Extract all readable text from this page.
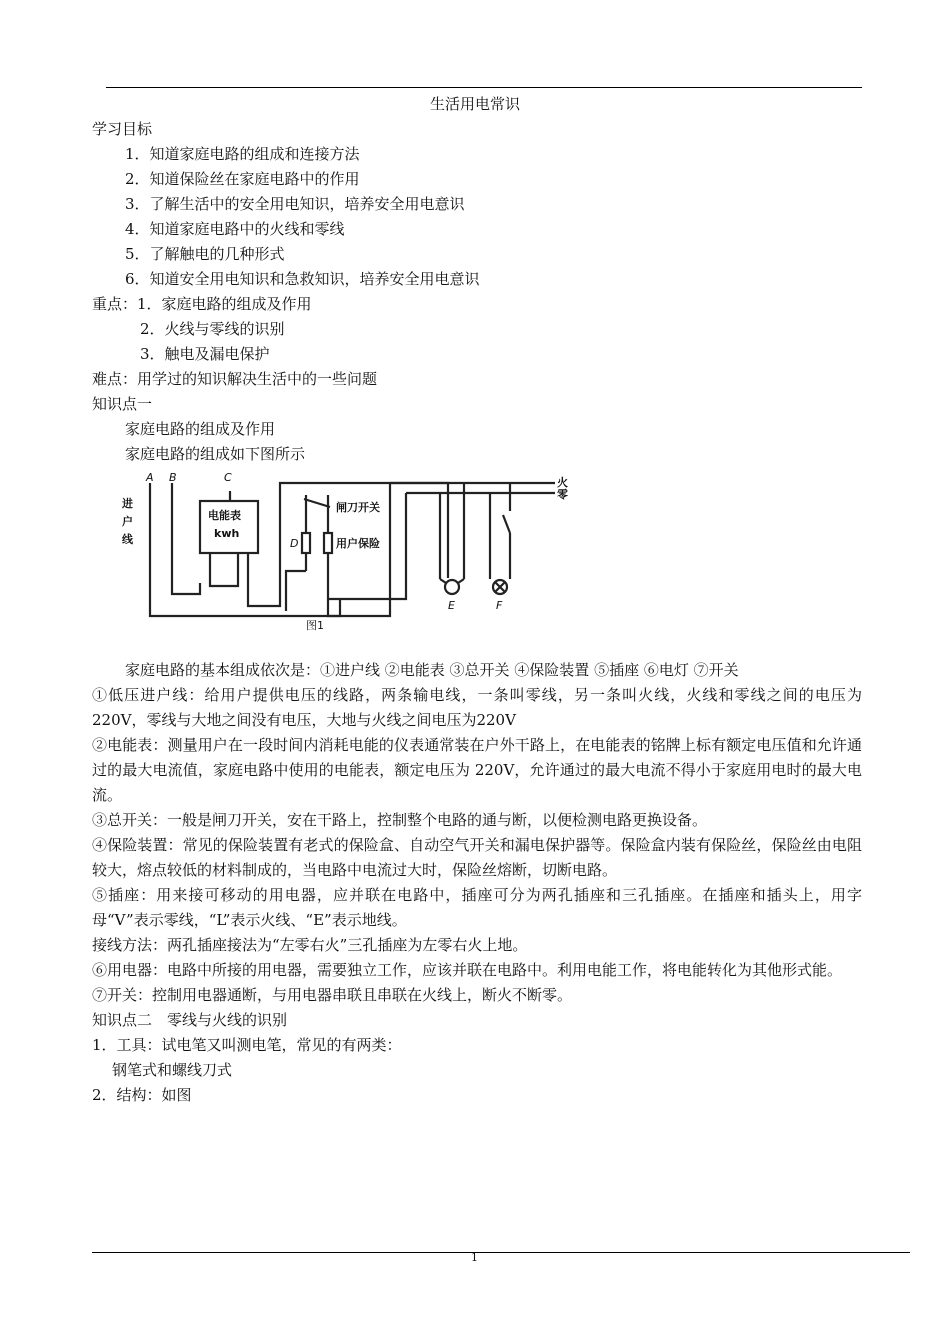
生活用电常识
学习目标
1．知道家庭电路的组成和连接方法
2．知道保险丝在家庭电路中的作用
3．了解生活中的安全用电知识，培养安全用电意识
4．知道家庭电路中的火线和零线
5．了解触电的几种形式
6．知道安全用电知识和急救知识，培养安全用电意识
重点：1．家庭电路的组成及作用
2．火线与零线的识别
3．触电及漏电保护
难点：用学过的知识解决生活中的一些问题
知识点一
家庭电路的组成及作用
家庭电路的组成如下图所示
A B	C
进
户
线
电能表
kwh
闸刀开关
用户保险
D
火
零
E	F
图1
家庭电路的基本组成依次是：①进户线 ②电能表 ③总开关 ④保险装置 ⑤插座 ⑥电灯 ⑦开关
①低压进户线：给用户提供电压的线路，两条输电线，一条叫零线，另一条叫火线，火线和零线之间的电压为220V，零线与大地之间没有电压，大地与火线之间电压为220V
②电能表：测量用户在一段时间内消耗电能的仪表通常装在户外干路上，在电能表的铭牌上标有额定电压值和允许通过的最大电流值，家庭电路中使用的电能表，额定电压为 220V，允许通过的最大电流不得小于家庭用电时的最大电流。
③总开关：一般是闸刀开关，安在干路上，控制整个电路的通与断，以便检测电路更换设备。
④保险装置：常见的保险装置有老式的保险盒、自动空气开关和漏电保护器等。保险盒内装有保险丝，保险丝由电阻较大，熔点较低的材料制成的，当电路中电流过大时，保险丝熔断，切断电路。
⑤插座：用来接可移动的用电器，应并联在电路中，插座可分为两孔插座和三孔插座。在插座和插头上，用字母“V”表示零线，“L”表示火线、“E”表示地线。
接线方法：两孔插座接法为“左零右火”三孔插座为左零右火上地。
⑥用电器：电路中所接的用电器，需要独立工作，应该并联在电路中。利用电能工作，将电能转化为其他形式能。
⑦开关：控制用电器通断，与用电器串联且串联在火线上，断火不断零。
知识点二　零线与火线的识别
1．工具：试电笔又叫测电笔，常见的有两类：
钢笔式和螺线刀式
2．结构：如图
1
